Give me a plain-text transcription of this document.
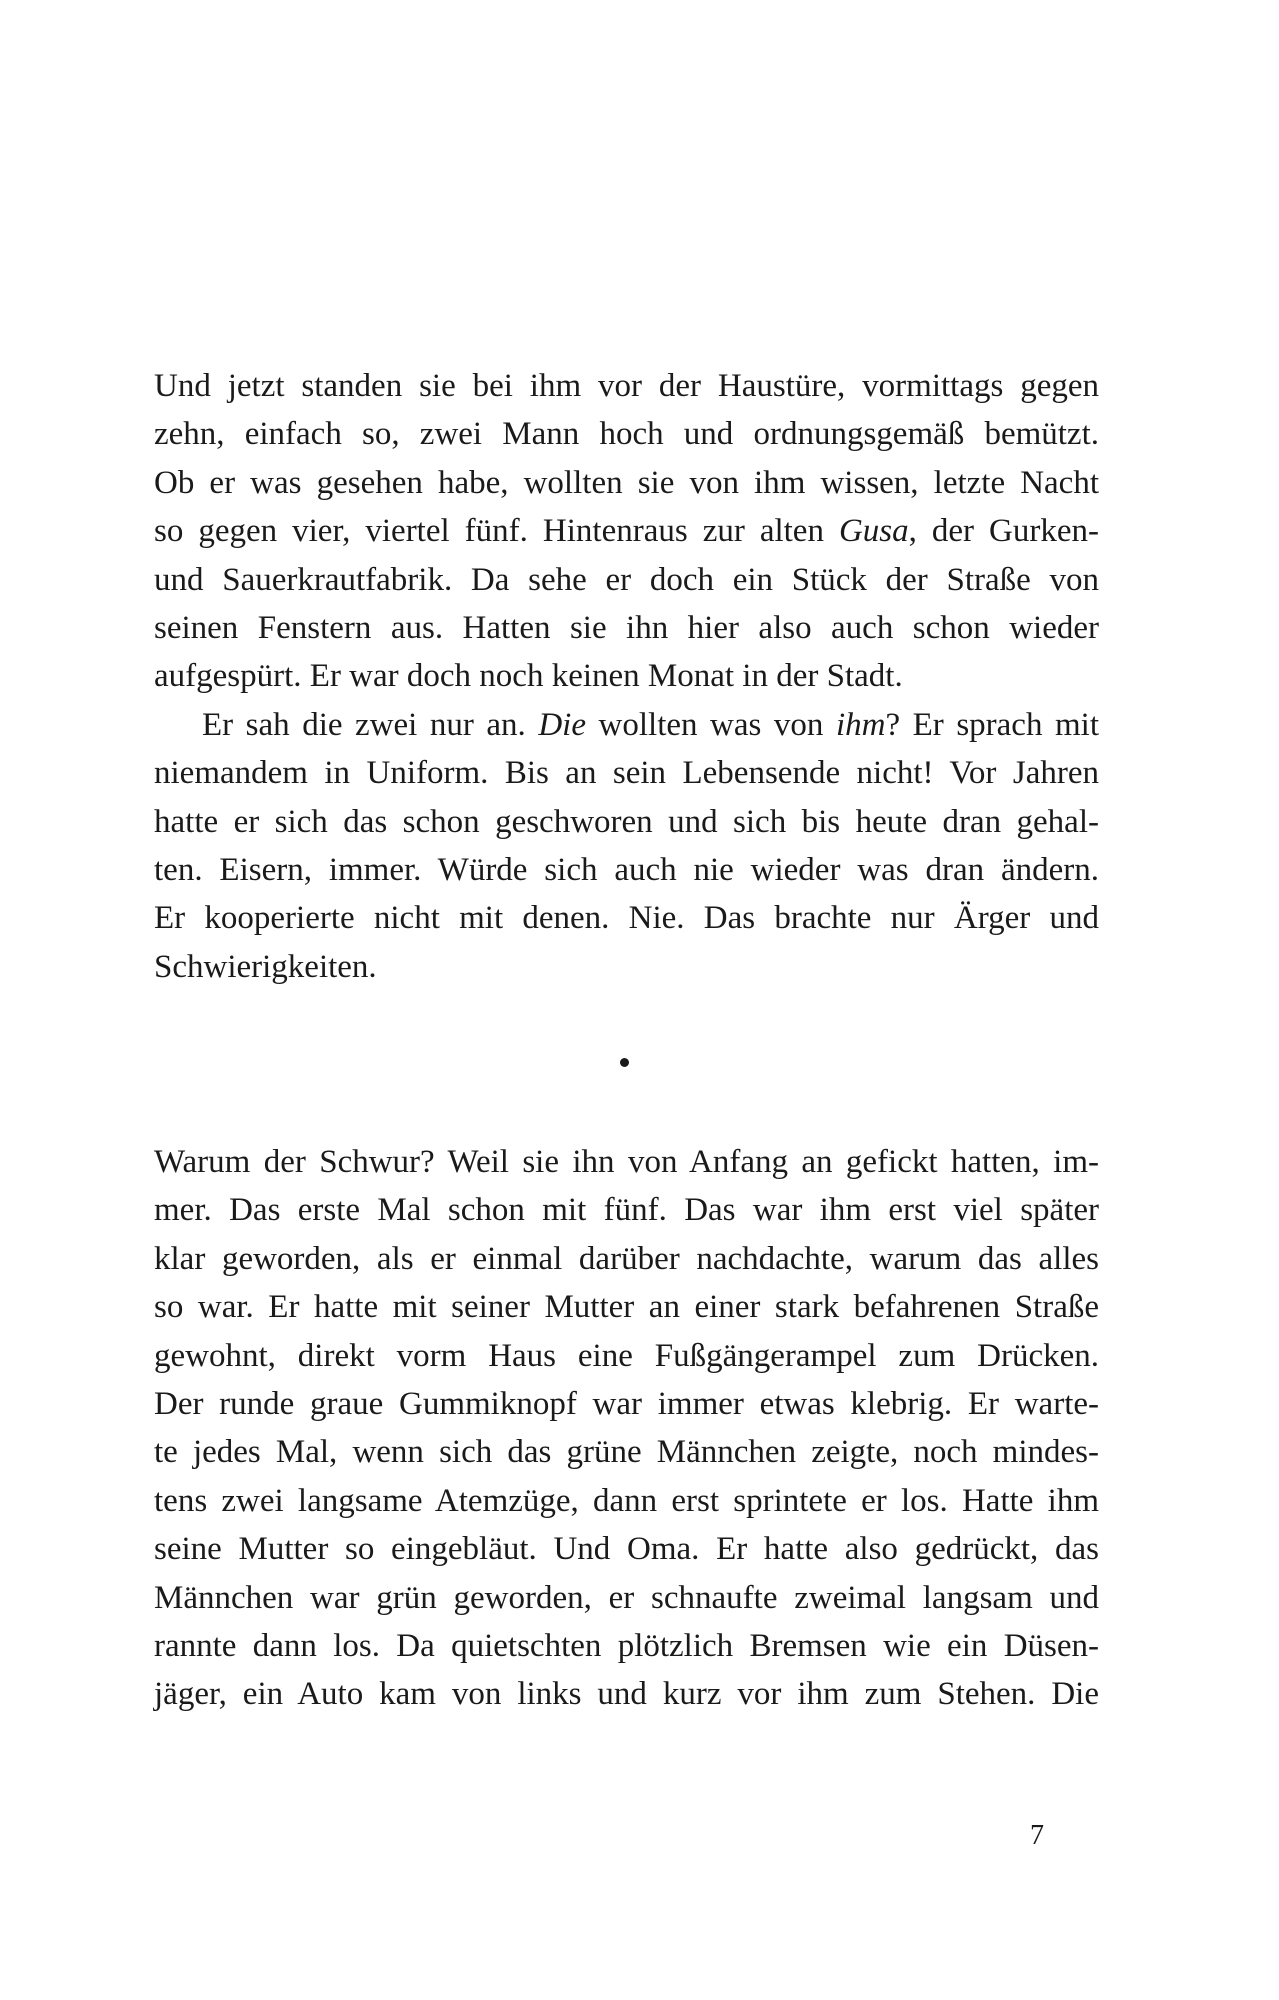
Und jetzt standen sie bei ihm vor der Haustüre, vormittags gegen
zehn, einfach so, zwei Mann hoch und ordnungsgemäß bemützt.
Ob er was gesehen habe, wollten sie von ihm wissen, letzte Nacht
so gegen vier, viertel fünf. Hintenraus zur alten Gusa, der Gurken-
und Sauerkrautfabrik. Da sehe er doch ein Stück der Straße von
seinen Fenstern aus. Hatten sie ihn hier also auch schon wieder
aufgespürt. Er war doch noch keinen Monat in der Stadt.
Er sah die zwei nur an. Die wollten was von ihm? Er sprach mit
niemandem in Uniform. Bis an sein Lebensende nicht! Vor Jahren
hatte er sich das schon geschworen und sich bis heute dran gehal-
ten. Eisern, immer. Würde sich auch nie wieder was dran ändern.
Er kooperierte nicht mit denen. Nie. Das brachte nur Ärger und
Schwierigkeiten.
Warum der Schwur? Weil sie ihn von Anfang an gefickt hatten, im-
mer. Das erste Mal schon mit fünf. Das war ihm erst viel später
klar geworden, als er einmal darüber nachdachte, warum das alles
so war. Er hatte mit seiner Mutter an einer stark befahrenen Straße
gewohnt, direkt vorm Haus eine Fußgängerampel zum Drücken.
Der runde graue Gummiknopf war immer etwas klebrig. Er warte-
te jedes Mal, wenn sich das grüne Männchen zeigte, noch mindes-
tens zwei langsame Atemzüge, dann erst sprintete er los. Hatte ihm
seine Mutter so eingebläut. Und Oma. Er hatte also gedrückt, das
Männchen war grün geworden, er schnaufte zweimal langsam und
rannte dann los. Da quietschten plötzlich Bremsen wie ein Düsen-
jäger, ein Auto kam von links und kurz vor ihm zum Stehen. Die
7
